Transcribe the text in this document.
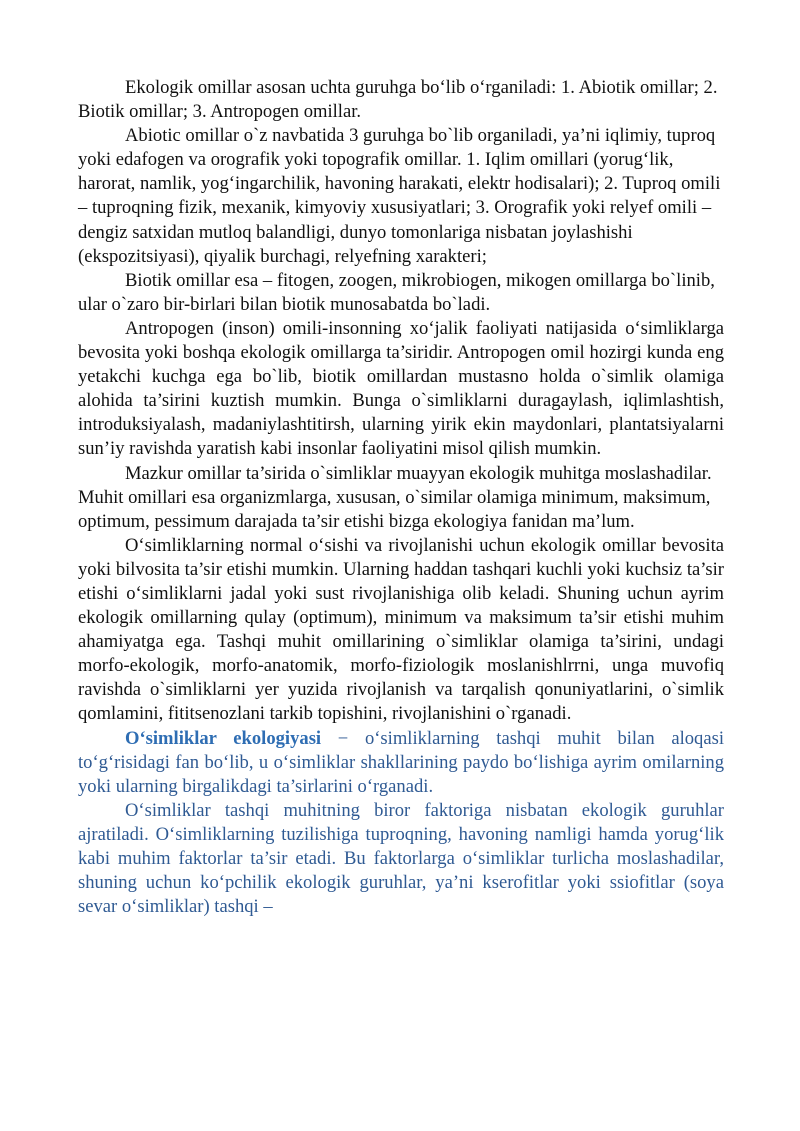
Ekologik omillar asosan uchta guruhga bo‘lib o‘rganiladi: 1. Abiotik omillar; 2. Biotik omillar; 3. Antropogen omillar.

Abiotic omillar o`z navbatida 3 guruhga bo`lib organiladi, ya’ni iqlimiy, tuproq yoki edafogen va orografik yoki topografik omillar. 1. Iqlim omillari (yorug‘lik, harorat, namlik, yog‘ingarchilik, havoning harakati, elektr hodisalari); 2. Tuproq omili – tuproqning fizik, mexanik, kimyoviy xususiyatlari; 3. Orografik yoki relyef omili – dengiz satxidan mutloq balandligi, dunyo tomonlariga nisbatan joylashishi (ekspozitsiyasi), qiyalik burchagi, relyefning xarakteri;

Biotik omillar esa – fitogen, zoogen, mikrobiogen, mikogen omillarga bo`linib, ular o`zaro bir-birlari bilan biotik munosabatda bo`ladi.

Antropogen (inson) omili-insonning xo‘jalik faoliyati natijasida o‘simliklarga bevosita yoki boshqa ekologik omillarga ta’siridir. Antropogen omil hozirgi kunda eng yetakchi kuchga ega bo`lib, biotik omillardan mustasno holda o`simlik olamiga alohida ta’sirini kuztish mumkin. Bunga o`simliklarni duragaylash, iqlimlashtish, introduksiyalash, madaniylashtitirsh, ularning yirik ekin maydonlari, plantatsiyalarni sun’iy ravishda yaratish kabi insonlar faoliyatini misol qilish mumkin.

Mazkur omillar ta’sirida o`simliklar muayyan ekologik muhitga moslashadilar. Muhit omillari esa organizmlarga, xususan, o`similar olamiga minimum, maksimum, optimum, pessimum darajada ta’sir etishi bizga ekologiya fanidan ma’lum.

O‘simliklarning normal o‘sishi va rivojlanishi uchun ekologik omillar bevosita yoki bilvosita ta’sir etishi mumkin. Ularning haddan tashqari kuchli yoki kuchsiz ta’sir etishi o‘simliklarni jadal yoki sust rivojlanishiga olib keladi. Shuning uchun ayrim ekologik omillarning qulay (optimum), minimum va maksimum ta’sir etishi muhim ahamiyatga ega. Tashqi muhit omillarining o`simliklar olamiga ta’sirini, undagi morfo-ekologik, morfo-anatomik, morfo-fiziologik moslanishlrrni, unga muvofiq ravishda o`simliklarni yer yuzida rivojlanish va tarqalish qonuniyatlarini, o`simlik qomlamini, fititsenozlani tarkib topishini, rivojlanishini o`rganadi.

O‘simliklar ekologiyasi − o‘simliklarning tashqi muhit bilan aloqasi to‘g‘risidagi fan bo‘lib, u o‘simliklar shakllarining paydo bo‘lishiga ayrim omilarning yoki ularning birgalikdagi ta’sirlarini o‘rganadi.

O‘simliklar tashqi muhitning biror faktoriga nisbatan ekologik guruhlar ajratiladi. O‘simliklarning tuzilishiga tuproqning, havoning namligi hamda yorug‘lik kabi muhim faktorlar ta’sir etadi. Bu faktorlarga o‘simliklar turlicha moslashadilar, shuning uchun ko‘pchilik ekologik guruhlar, ya’ni kserofitlar yoki ssiofitlar (soya sevar o‘simliklar) tashqi –
